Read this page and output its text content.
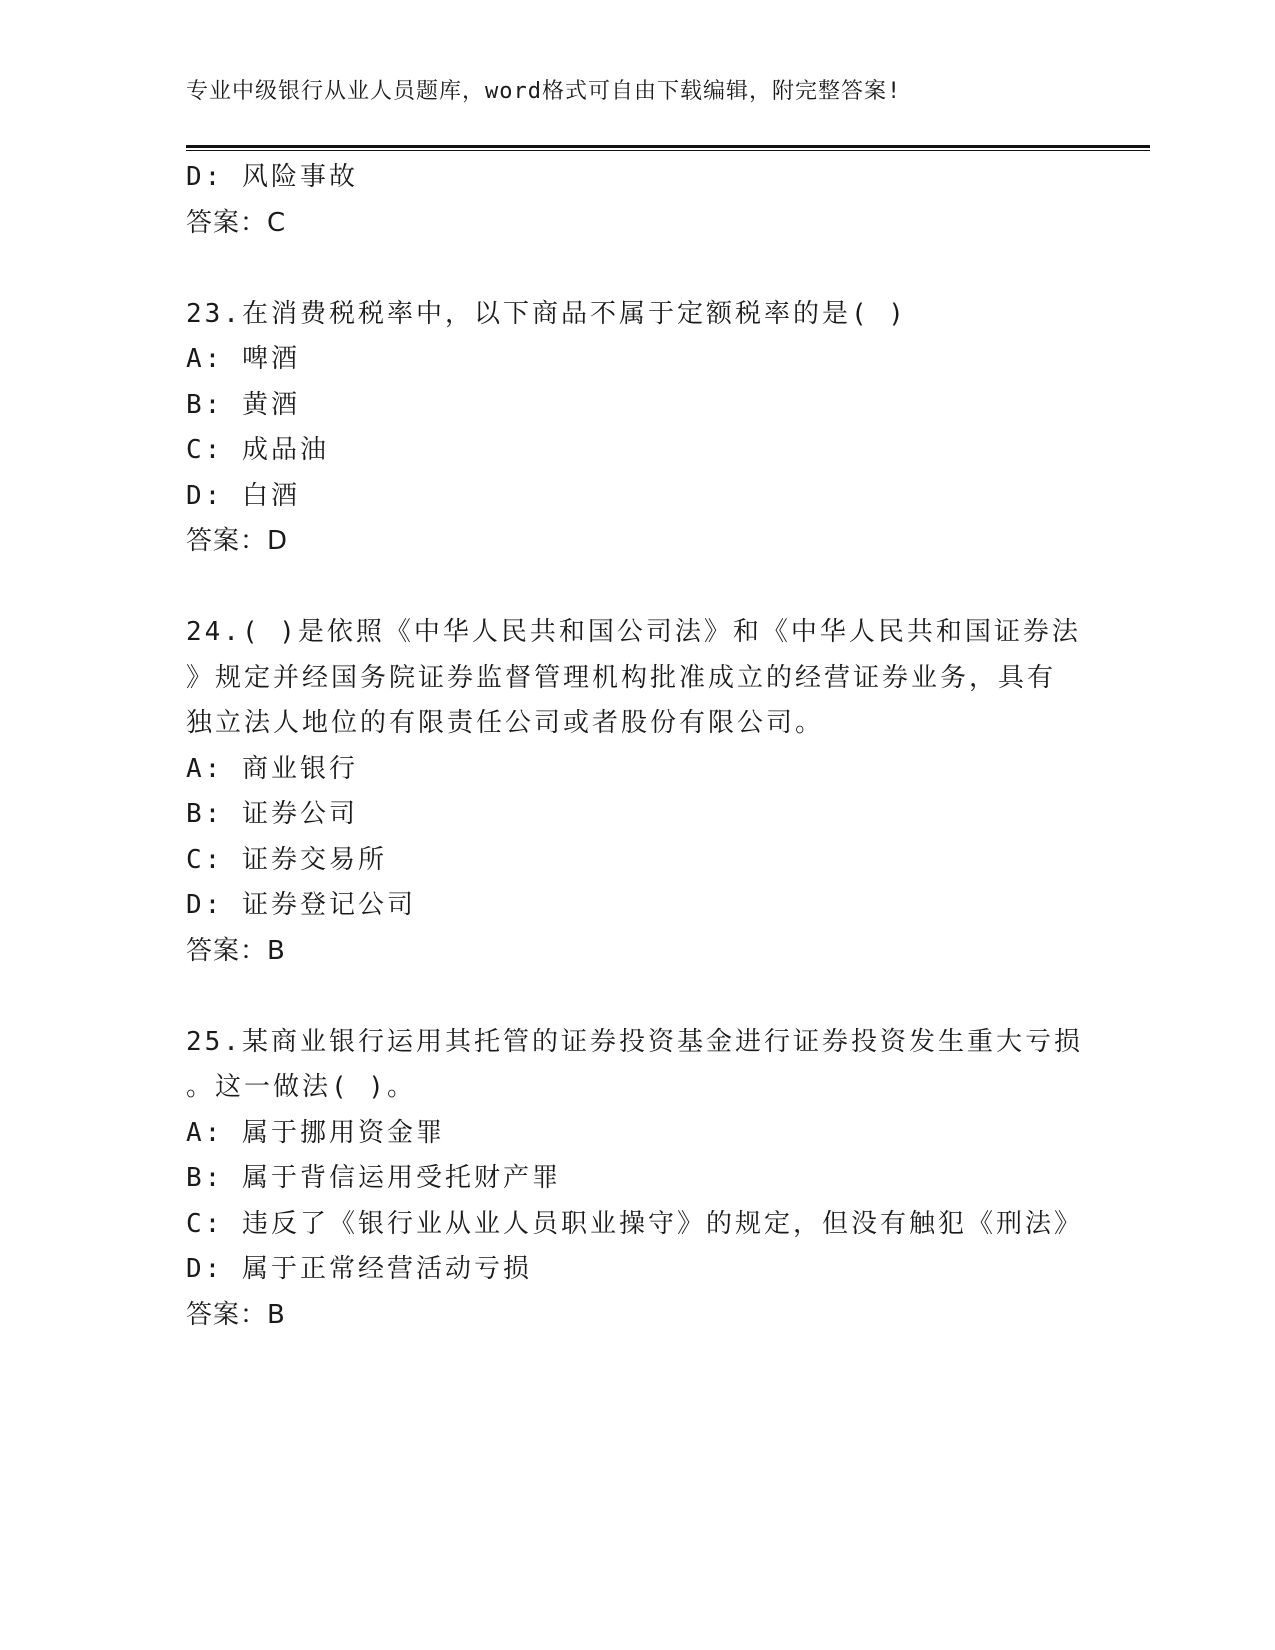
专业中级银行从业人员题库，word格式可自由下载编辑，附完整答案!
D: 风险事故
答案：C
23.在消费税税率中，以下商品不属于定额税率的是( )
A: 啤酒
B: 黄酒
C: 成品油
D: 白酒
答案：D
24.( )是依照《中华人民共和国公司法》和《中华人民共和国证券法
》规定并经国务院证券监督管理机构批准成立的经营证券业务，具有
独立法人地位的有限责任公司或者股份有限公司。
A: 商业银行
B: 证券公司
C: 证券交易所
D: 证券登记公司
答案：B
25.某商业银行运用其托管的证券投资基金进行证券投资发生重大亏损
。这一做法( )。
A: 属于挪用资金罪
B: 属于背信运用受托财产罪
C: 违反了《银行业从业人员职业操守》的规定，但没有触犯《刑法》
D: 属于正常经营活动亏损
答案：B
